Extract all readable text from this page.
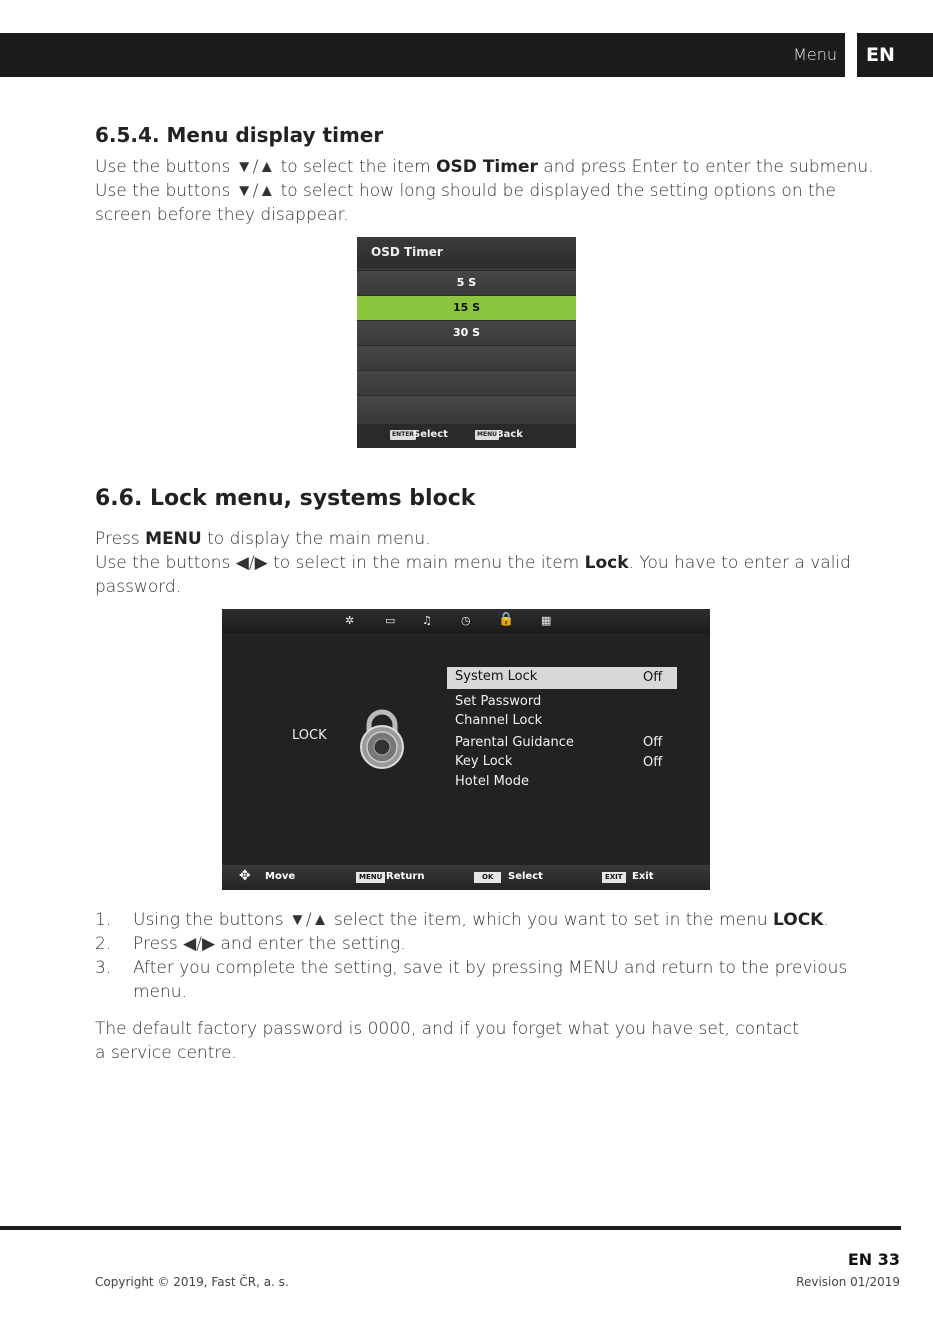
Menu EN
6.5.4. Menu display timer
Use the buttons ▼/▲ to select the item OSD Timer and press Enter to enter the submenu.
Use the buttons ▼/▲ to select how long should be displayed the setting options on the
screen before they disappear.
OSD Timer
5 S
15 S
30 S
ENTER Select	MENU Back
6.6. Lock menu, systems block
Press MENU to display the main menu.
Use the buttons ◀/▶ to select in the main menu the item Lock. You have to enter a valid
password.
✲	▭ ♫	◷ 🔒 ▦
LOCK
System Lock	Off
Set Password
Channel Lock
Parental Guidance	Off
Key Lock	Off
Hotel Mode
✥ Move	MENU Return	OK	Select	EXIT Exit
1. Using the buttons ▼/▲ select the item, which you want to set in the menu LOCK.
2. Press ◀/▶ and enter the setting.
3. After you complete the setting, save it by pressing MENU and return to the previous
menu.
The default factory password is 0000, and if you forget what you have set, contact
a service centre.
EN 33
Copyright © 2019, Fast ČR, a. s.	Revision 01/2019
